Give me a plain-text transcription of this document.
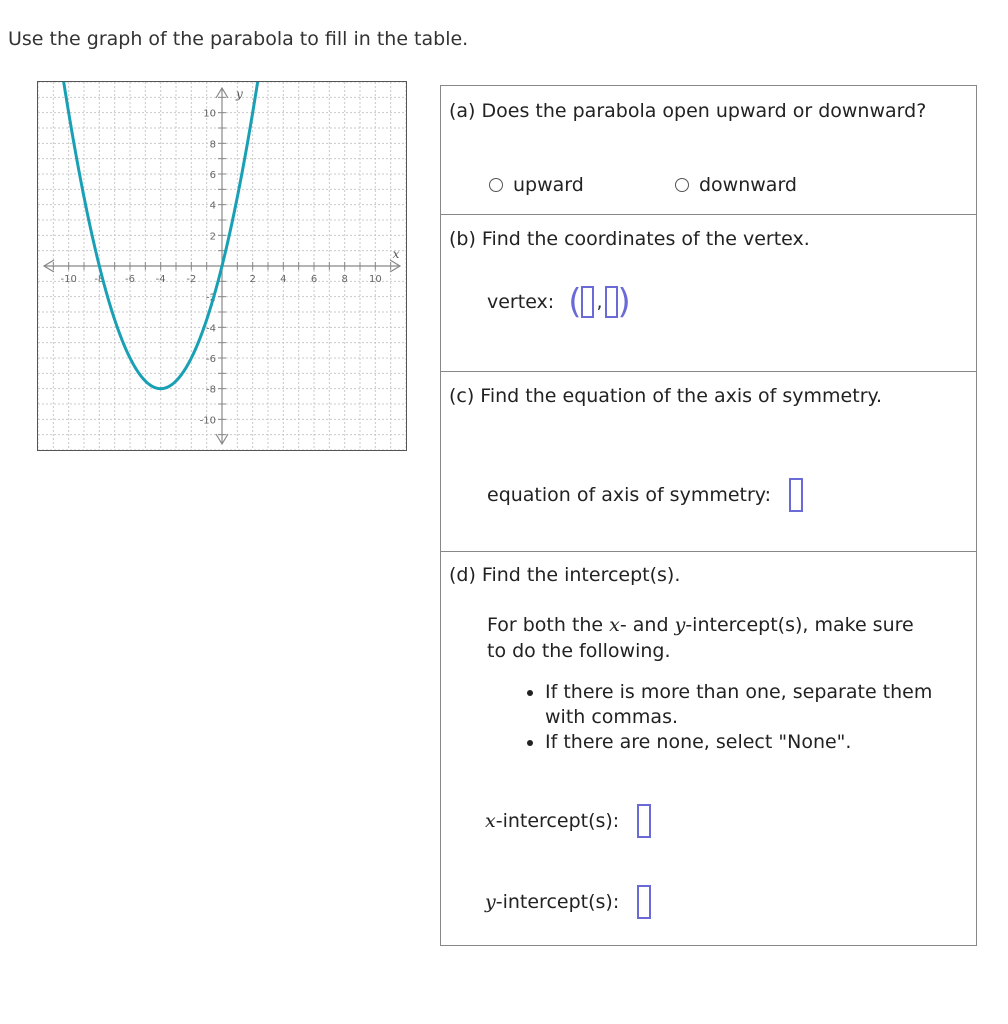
Use the graph of the parabola to fill in the table.
-10 -8 -6 -4 -2	2 4 6 8 10
10
8
6
4
2
-2
-4
-6
-8
-10
x
y
(a) Does the parabola open upward or downward?
upward	downward
(b) Find the coordinates of the vertex.
vertex: ( , )
(c) Find the equation of the axis of symmetry.
equation of axis of symmetry:
(d) Find the intercept(s).
For both the x- and y-intercept(s), make sure
to do the following.
• If there is more than one, separate them
with commas.
• If there are none, select "None".
x -intercept(s):
y -intercept(s):
